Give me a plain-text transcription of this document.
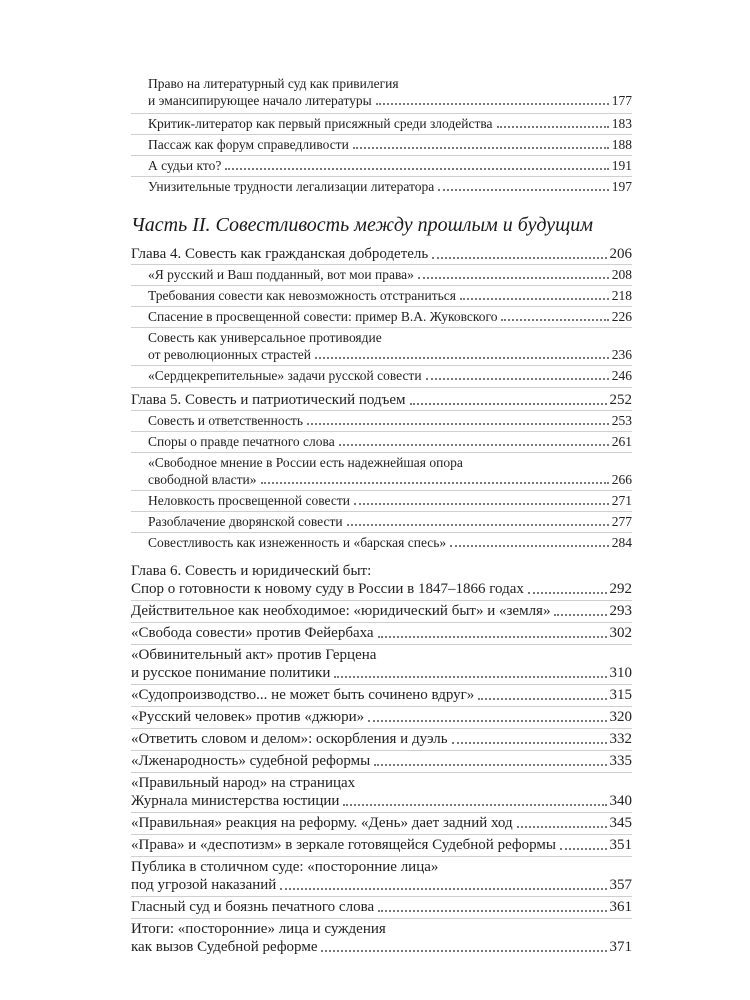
Право на литературный суд как привилегия
и эмансипирующее начало литературы	177
Критик-литератор как первый присяжный среди злодейства	183
Пассаж как форум справедливости	188
А судьи кто?	191
Унизительные трудности легализации литератора	197
Часть II. Совестливость между прошлым и будущим
Глава 4. Совесть как гражданская добродетель	206
«Я русский и Ваш подданный, вот мои права»	208
Требования совести как невозможность отстраниться	218
Спасение в просвещенной совести: пример В.А. Жуковского	226
Совесть как универсальное противоядие
от революционных страстей	236
«Сердцекрепительные» задачи русской совести	246
Глава 5. Совесть и патриотический подъем	252
Совесть и ответственность	253
Споры о правде печатного слова	261
«Свободное мнение в России есть надежнейшая опора
свободной власти»	266
Неловкость просвещенной совести	271
Разоблачение дворянской совести	277
Совестливость как изнеженность и «барская спесь»	284
Глава 6. Совесть и юридический быт:
Спор о готовности к новому суду в России в 1847–1866 годах	292
Действительное как необходимое: «юридический быт» и «земля»	293
«Свобода совести» против Фейербаха	302
«Обвинительный акт» против Герцена
и русское понимание политики	310
«Судопроизводство... не может быть сочинено вдруг»	315
«Русский человек» против «джюри»	320
«Ответить словом и делом»: оскорбления и дуэль	332
«Лженародность» судебной реформы	335
«Правильный народ» на страницах
Журнала министерства юстиции	340
«Правильная» реакция на реформу. «День» дает задний ход	345
«Права» и «деспотизм» в зеркале готовящейся Судебной реформы	351
Публика в столичном суде: «посторонние лица»
под угрозой наказаний	357
Гласный суд и боязнь печатного слова	361
Итоги: «посторонние» лица и суждения
как вызов Судебной реформе	371
